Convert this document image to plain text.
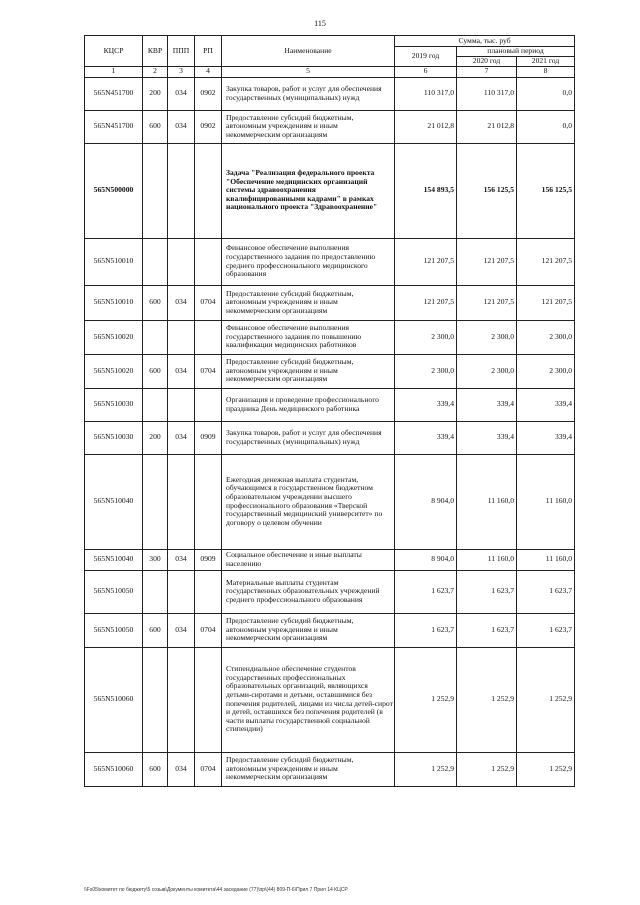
115
КЦСР	КВР	ППП	РП	Наименование	Сумма, тыс. руб		
					2019 год	плановый период	
						2020 год	2021 год
1	2	3	4	5	6	7	8
565N451700	200	034	0902	Закупка товаров, работ и услуг для обеспечения государственных (муниципальных) нужд	110 317,0	110 317,0	0,0
565N451700	600	034	0902	Предоставление субсидий бюджетным, автономным учреждениям и иным некоммерческим организациям	21 012,8	21 012,8	0,0
565N500000				Задача "Реализация федерального проекта "Обеспечение медицинских организаций системы здравоохранения квалифицированными кадрами" в рамках национального проекта "Здравоохранение"	154 893,5	156 125,5	156 125,5
565N510010				Финансовое обеспечение выполнения государственного задания по предоставлению среднего профессионального медицинского образования	121 207,5	121 207,5	121 207,5
565N510010	600	034	0704	Предоставление субсидий бюджетным, автономным учреждениям и иным некоммерческим организациям	121 207,5	121 207,5	121 207,5
565N510020				Финансовое обеспечение выполнения государственного задания по повышению квалификации медицинских работников	2 300,0	2 300,0	2 300,0
565N510020	600	034	0704	Предоставление субсидий бюджетным, автономным учреждениям и иным некоммерческим организациям	2 300,0	2 300,0	2 300,0
565N510030				Организация и проведение профессионального праздника День медицинского работника	339,4	339,4	339,4
565N510030	200	034	0909	Закупка товаров, работ и услуг для обеспечения государственных (муниципальных) нужд	339,4	339,4	339,4
565N510040				Ежегодная денежная выплата студентам, обучающимся в государственном бюджетном образовательном учреждении высшего профессионального образования «Тверской государственный медицинский университет» по договору о целевом обучении	8 904,0	11 160,0	11 160,0
565N510040	300	034	0909	Социальное обеспечение и иные выплаты населению	8 904,0	11 160,0	11 160,0
565N510050				Материальные выплаты студентам государственных образовательных учреждений среднего профессионального образования	1 623,7	1 623,7	1 623,7
565N510050	600	034	0704	Предоставление субсидий бюджетным, автономным учреждениям и иным некоммерческим организациям	1 623,7	1 623,7	1 623,7
565N510060				Стипендиальное обеспечение студентов государственных профессиональных образовательных организаций, являющихся детьми-сиротами и детьми, оставшимися без попечения родителей, лицами из числа детей-сирот и детей, оставшихся без попечения родителей (в части выплаты государственной социальной стипендии)	1 252,9	1 252,9	1 252,9
565N510060	600	034	0704	Предоставление субсидий бюджетным, автономным учреждениям и иным некоммерческим организациям	1 252,9	1 252,9	1 252,9
\\Fs05\комитет по бюджету\5 созыв\Документы комитета\44 заседание (77)\пр\(44) 809-П-6\Прил 7 Прил 14 КЦСР
